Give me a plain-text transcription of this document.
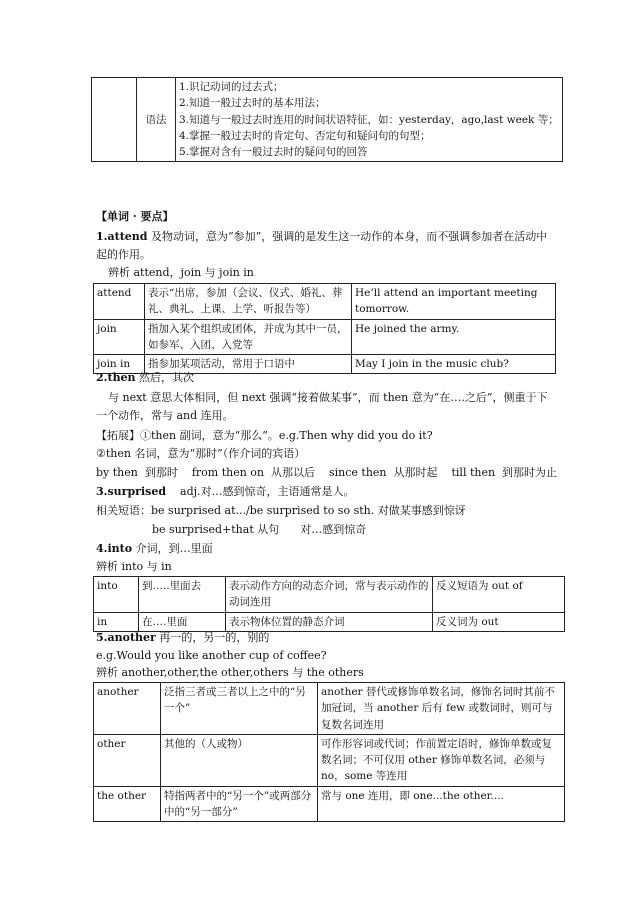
	语法	
1.识记动词的过去式；
2.知道一般过去时的基本用法；
3.知道与一般过去时连用的时间状语特征，如：yesterday，ago,last week 等；
4.掌握一般过去时的肯定句、否定句和疑问句的句型；
5.掌握对含有一般过去时的疑问句的回答
【单词 · 要点】
1.attend 及物动词，意为“参加”，强调的是发生这一动作的本身，而不强调参加者在活动中
起的作用。
辨析 attend，join 与 join in
attend	表示“出席，参加（会议、仪式、婚礼、葬礼、典礼、上课、上学、听报告等）	He’ll attend an important meeting tomorrow.
join	指加入某个组织或团体，并成为其中一员，如参军、入团、入党等	He joined the army.
join in	指参加某项活动，常用于口语中	May I join in the music club?
2.then 然后，其次
与 next 意思大体相同，但 next 强调“接着做某事”，而 then 意为“在….之后”，侧重于下
一个动作，常与 and 连用。
【拓展】①then 副词，意为“那么”。e.g.Then why did you do it?
②then 名词，意为“那时”（作介词的宾语）
by then  到那时    from then on  从那以后    since then  从那时起    till then  到那时为止
3.surprised    adj.对…感到惊奇，主语通常是人。
相关短语：be surprised at.../be surprised to so sth. 对做某事感到惊讶
be surprised+that 从句      对…感到惊奇
4.into 介词，到…里面
辨析 into 与 in
into	到…..里面去	表示动作方向的动态介词，常与表示动作的动词连用	反义短语为 out of
in	在….里面	表示物体位置的静态介词	反义词为 out
5.another 再一的，另一的，别的
e.g.Would you like another cup of coffee?
辨析 another,other,the other,others 与 the others
another	泛指三者或三者以上之中的“另一个”	another 替代或修饰单数名词，修饰名词时其前不加冠词，当 another 后有 few 或数词时，则可与复数名词连用
other	其他的（人或物）	可作形容词或代词；作前置定语时，修饰单数或复数名词；不可仅用 other 修饰单数名词，必须与 no，some 等连用
the other	特指两者中的“另一个”或两部分中的“另一部分”	常与 one 连用，即 one...the other....
